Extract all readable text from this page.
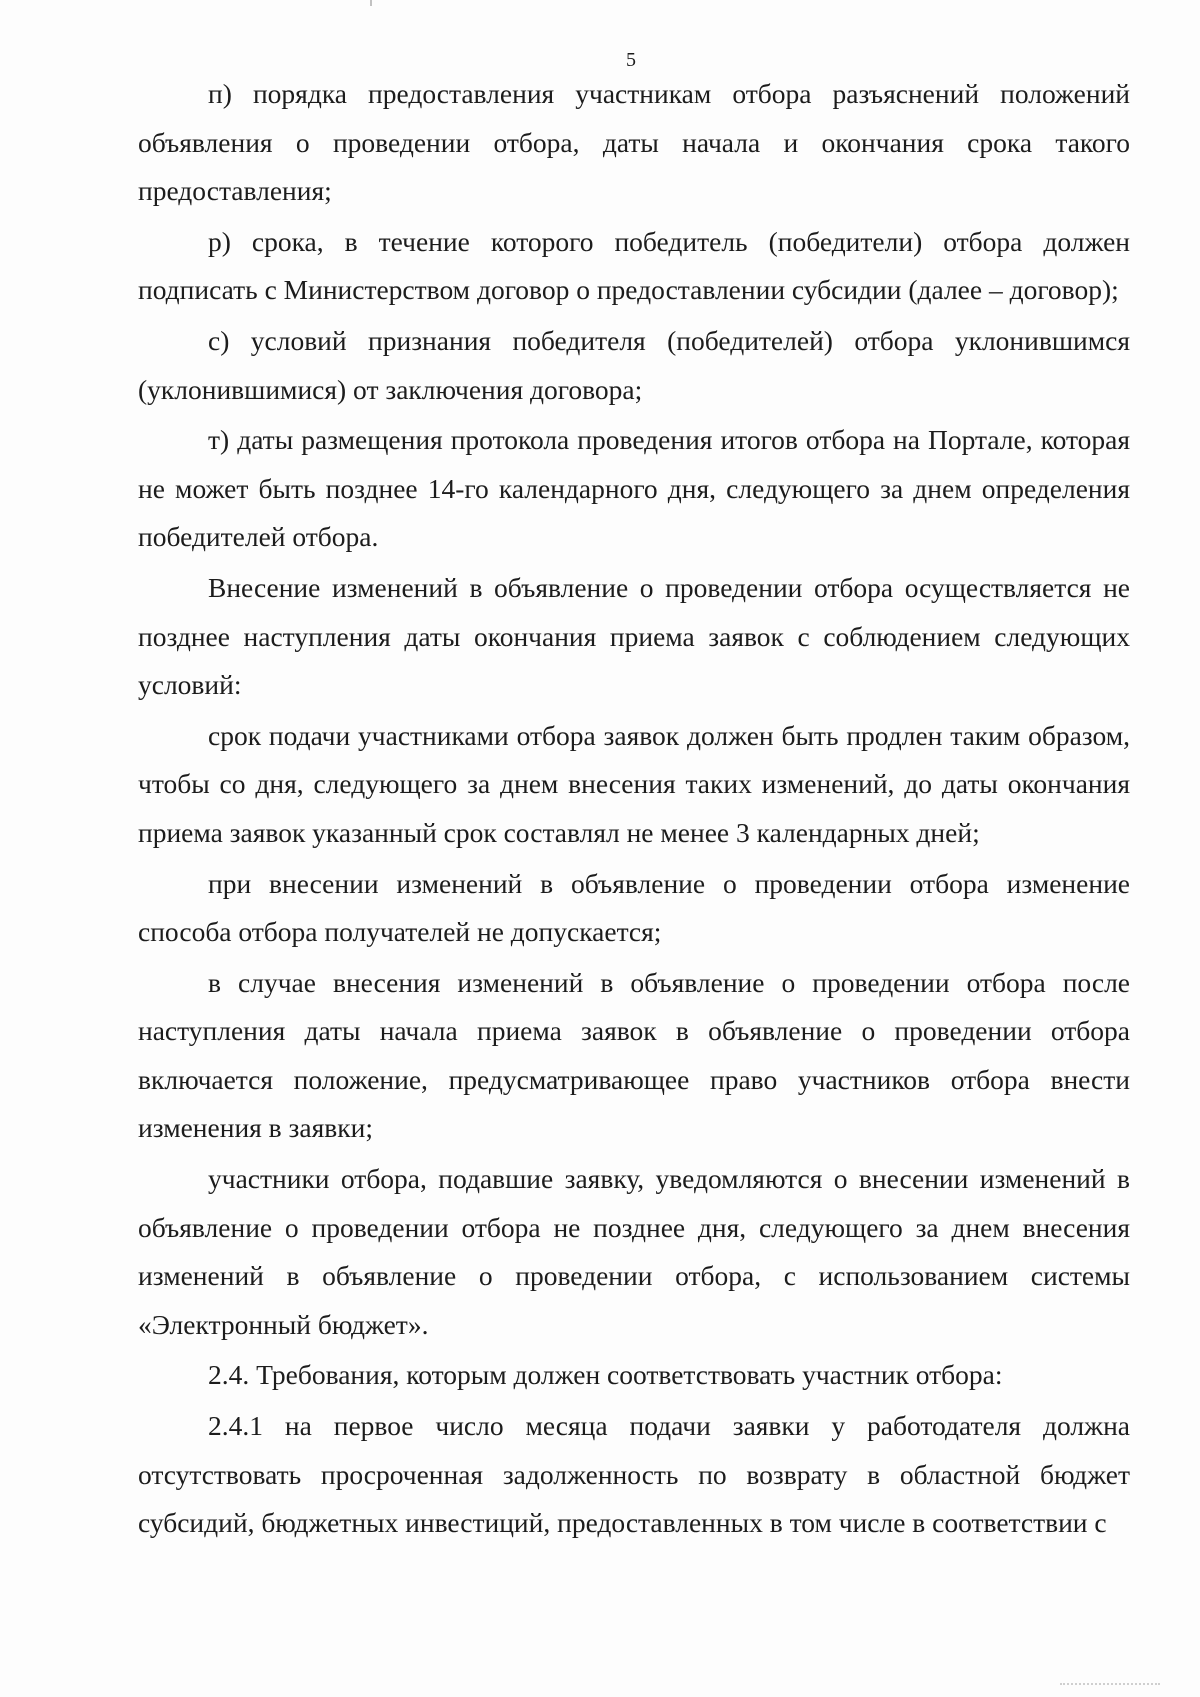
5

п) порядка предоставления участникам отбора разъяснений положений объявления о проведении отбора, даты начала и окончания срока такого предоставления;

р) срока, в течение которого победитель (победители) отбора должен подписать с Министерством договор о предоставлении субсидии (далее – договор);

с) условий признания победителя (победителей) отбора уклонившимся (уклонившимися) от заключения договора;

т) даты размещения протокола проведения итогов отбора на Портале, которая не может быть позднее 14-го календарного дня, следующего за днем определения победителей отбора.

Внесение изменений в объявление о проведении отбора осуществляется не позднее наступления даты окончания приема заявок с соблюдением следующих условий:

срок подачи участниками отбора заявок должен быть продлен таким образом, чтобы со дня, следующего за днем внесения таких изменений, до даты окончания приема заявок указанный срок составлял не менее 3 календарных дней;

при внесении изменений в объявление о проведении отбора изменение способа отбора получателей не допускается;

в случае внесения изменений в объявление о проведении отбора после наступления даты начала приема заявок в объявление о проведении отбора включается положение, предусматривающее право участников отбора внести изменения в заявки;

участники отбора, подавшие заявку, уведомляются о внесении изменений в объявление о проведении отбора не позднее дня, следующего за днем внесения изменений в объявление о проведении отбора, с использованием системы «Электронный бюджет».

2.4. Требования, которым должен соответствовать участник отбора:

2.4.1 на первое число месяца подачи заявки у работодателя должна отсутствовать просроченная задолженность по возврату в областной бюджет субсидий, бюджетных инвестиций, предоставленных в том числе в соответствии с
